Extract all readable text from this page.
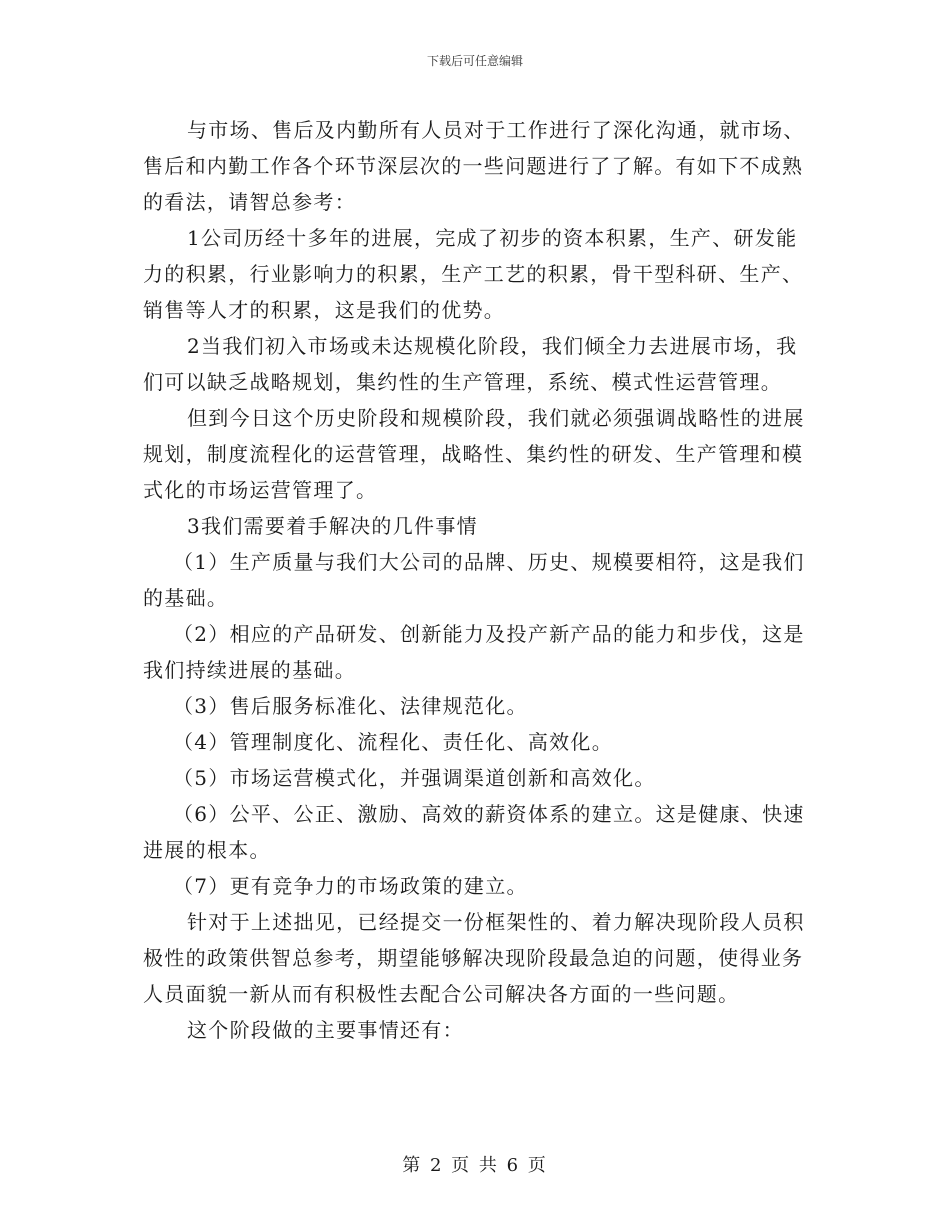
下载后可任意编辑

与市场、售后及内勤所有人员对于工作进行了深化沟通，就市场、售后和内勤工作各个环节深层次的一些问题进行了了解。有如下不成熟的看法，请智总参考：

1公司历经十多年的进展，完成了初步的资本积累，生产、研发能力的积累，行业影响力的积累，生产工艺的积累，骨干型科研、生产、销售等人才的积累，这是我们的优势。

2当我们初入市场或未达规模化阶段，我们倾全力去进展市场，我们可以缺乏战略规划，集约性的生产管理，系统、模式性运营管理。

但到今日这个历史阶段和规模阶段，我们就必须强调战略性的进展规划，制度流程化的运营管理，战略性、集约性的研发、生产管理和模式化的市场运营管理了。

3我们需要着手解决的几件事情

（1）生产质量与我们大公司的品牌、历史、规模要相符，这是我们的基础。

（2）相应的产品研发、创新能力及投产新产品的能力和步伐，这是我们持续进展的基础。

（3）售后服务标准化、法律规范化。

（4）管理制度化、流程化、责任化、高效化。

（5）市场运营模式化，并强调渠道创新和高效化。

（6）公平、公正、激励、高效的薪资体系的建立。这是健康、快速进展的根本。

（7）更有竞争力的市场政策的建立。

针对于上述拙见，已经提交一份框架性的、着力解决现阶段人员积极性的政策供智总参考，期望能够解决现阶段最急迫的问题，使得业务人员面貌一新从而有积极性去配合公司解决各方面的一些问题。

这个阶段做的主要事情还有：

第 2 页 共 6 页
